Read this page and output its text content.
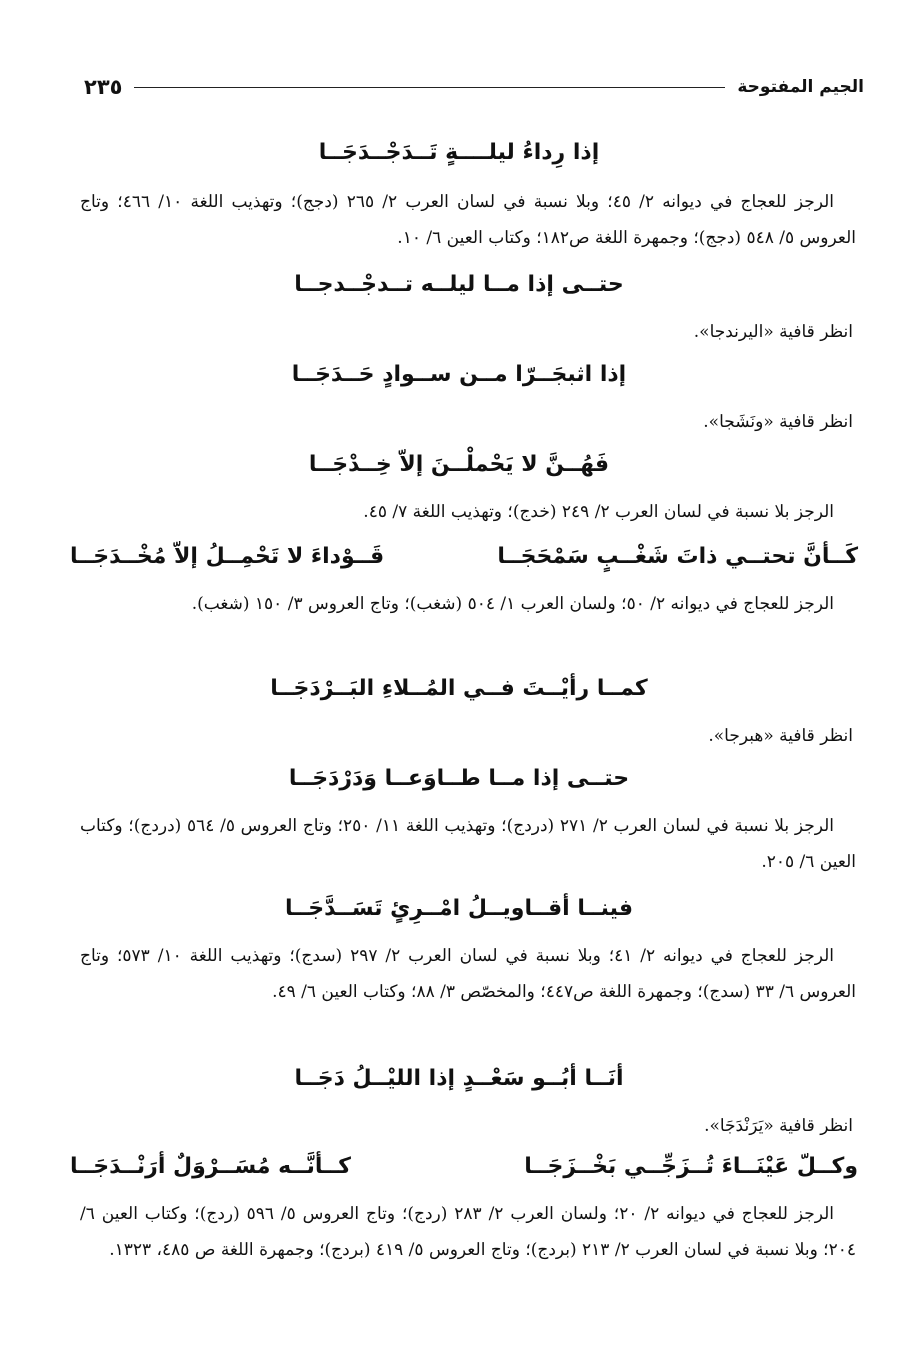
الجيم المفتوحة
٢٣٥
إذا رِداءُ ليلــــةٍ تَــدَجْــدَجَــا
الرجز للعجاج في ديوانه ٢/ ٤٥؛ وبلا نسبة في لسان العرب ٢/ ٢٦٥ (دجج)؛ وتهذيب اللغة ١٠/ ٤٦٦؛ وتاج العروس ٥/ ٥٤٨ (دجج)؛ وجمهرة اللغة ص١٨٢؛ وكتاب العين ٦/ ١٠.
حتــى إذا مــا ليلــه تــدجْــدجــا
انظر قافية «اليرندجا».
إذا اثبجَــرّا مــن ســوادٍ حَــدَجَــا
انظر قافية «ونَشَجا».
فَهُــنَّ لا يَحْملْــنَ إلاّ خِــدْجَــا
الرجز بلا نسبة في لسان العرب ٢/ ٢٤٩ (خدج)؛ وتهذيب اللغة ٧/ ٤٥.
كَــأنَّ تحتــي ذاتَ شَغْــبٍ سَمْحَجَــا
قَــوْداءَ لا تَحْمِــلُ إلاّ مُخْــدَجَــا
الرجز للعجاج في ديوانه ٢/ ٥٠؛ ولسان العرب ١/ ٥٠٤ (شغب)؛ وتاج العروس ٣/ ١٥٠ (شغب).
كمــا رأيْــتَ فــي المُــلاءِ البَــرْدَجَــا
انظر قافية «هبرجا».
حتــى إذا مــا طــاوَعــا وَدَرْدَجَــا
الرجز بلا نسبة في لسان العرب ٢/ ٢٧١ (دردج)؛ وتهذيب اللغة ١١/ ٢٥٠؛ وتاج العروس ٥/ ٥٦٤ (دردج)؛ وكتاب العين ٦/ ٢٠٥.
فينــا أقــاويــلُ امْــرِئٍ تَسَــدَّجَــا
الرجز للعجاج في ديوانه ٢/ ٤١؛ وبلا نسبة في لسان العرب ٢/ ٢٩٧ (سدج)؛ وتهذيب اللغة ١٠/ ٥٧٣؛ وتاج العروس ٦/ ٣٣ (سدج)؛ وجمهرة اللغة ص٤٤٧؛ والمخصّص ٣/ ٨٨؛ وكتاب العين ٦/ ٤٩.
أنَــا أبُــو سَعْــدٍ إذا الليْــلُ دَجَــا
انظر قافية «يَرَنْدَجَا».
وكــلّ عَيْنَــاءَ تُــزَجِّــي بَخْــزَجَــا
كــأنَّــه مُسَــرْوَلٌ أرَنْــدَجَــا
الرجز للعجاج في ديوانه ٢/ ٢٠؛ ولسان العرب ٢/ ٢٨٣ (ردج)؛ وتاج العروس ٥/ ٥٩٦ (ردج)؛ وكتاب العين ٦/ ٢٠٤؛ وبلا نسبة في لسان العرب ٢/ ٢١٣ (بردج)؛ وتاج العروس ٥/ ٤١٩ (بردج)؛ وجمهرة اللغة ص ٤٨٥، ١٣٢٣.
